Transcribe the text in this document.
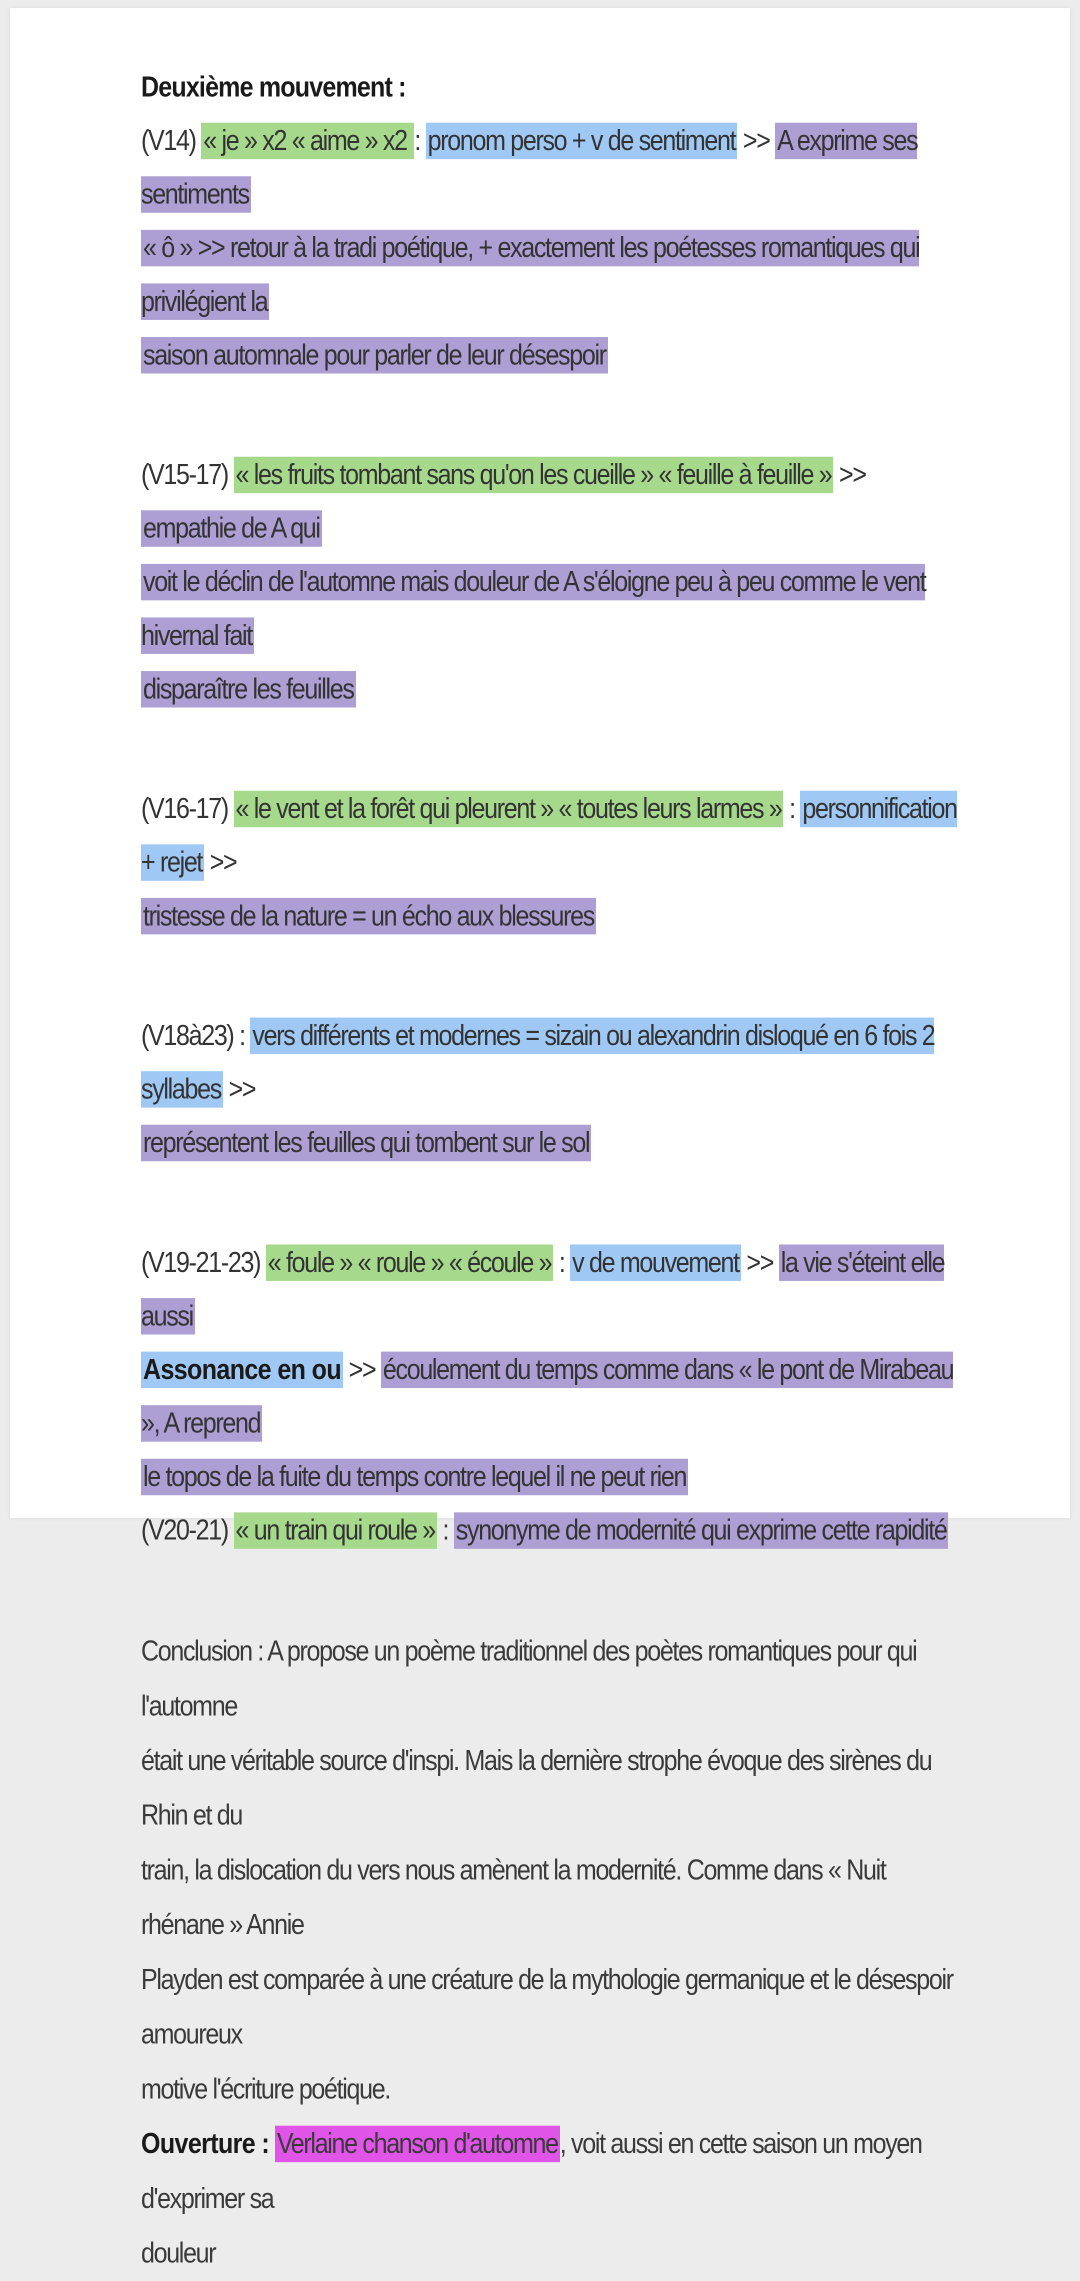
Deuxième mouvement :

(V14) « je » x2 « aime » x2 : pronom perso + v de sentiment >> A exprime ses sentiments

« ô » >> retour à la tradi poétique, + exactement les poétesses romantiques qui privilégient la

saison automnale pour parler de leur désespoir

(V15-17) « les fruits tombant sans qu'on les cueille » « feuille à feuille » >> empathie de A qui

voit le déclin de l'automne mais douleur de A s'éloigne peu à peu comme le vent hivernal fait

disparaître les feuilles

(V16-17) « le vent et la forêt qui pleurent » « toutes leurs larmes » : personnification + rejet >>

tristesse de la nature = un écho aux blessures

(V18à23) : vers différents et modernes = sizain ou alexandrin disloqué en 6 fois 2 syllabes >>

représentent les feuilles qui tombent sur le sol

(V19-21-23) « foule » « roule » « écoule » : v de mouvement >> la vie s'éteint elle aussi

Assonance en ou >> écoulement du temps comme dans « le pont de Mirabeau », A reprend

le topos de la fuite du temps contre lequel il ne peut rien

(V20-21) « un train qui roule » : synonyme de modernité qui exprime cette rapidité

Conclusion : A propose un poème traditionnel des poètes romantiques pour qui l'automne

était une véritable source d'inspi. Mais la dernière strophe évoque des sirènes du Rhin et du

train, la dislocation du vers nous amènent la modernité. Comme dans « Nuit rhénane » Annie

Playden est comparée à une créature de la mythologie germanique et le désespoir amoureux

motive l'écriture poétique.

Ouverture : Verlaine chanson d'automne, voit aussi en cette saison un moyen d'exprimer sa

douleur
